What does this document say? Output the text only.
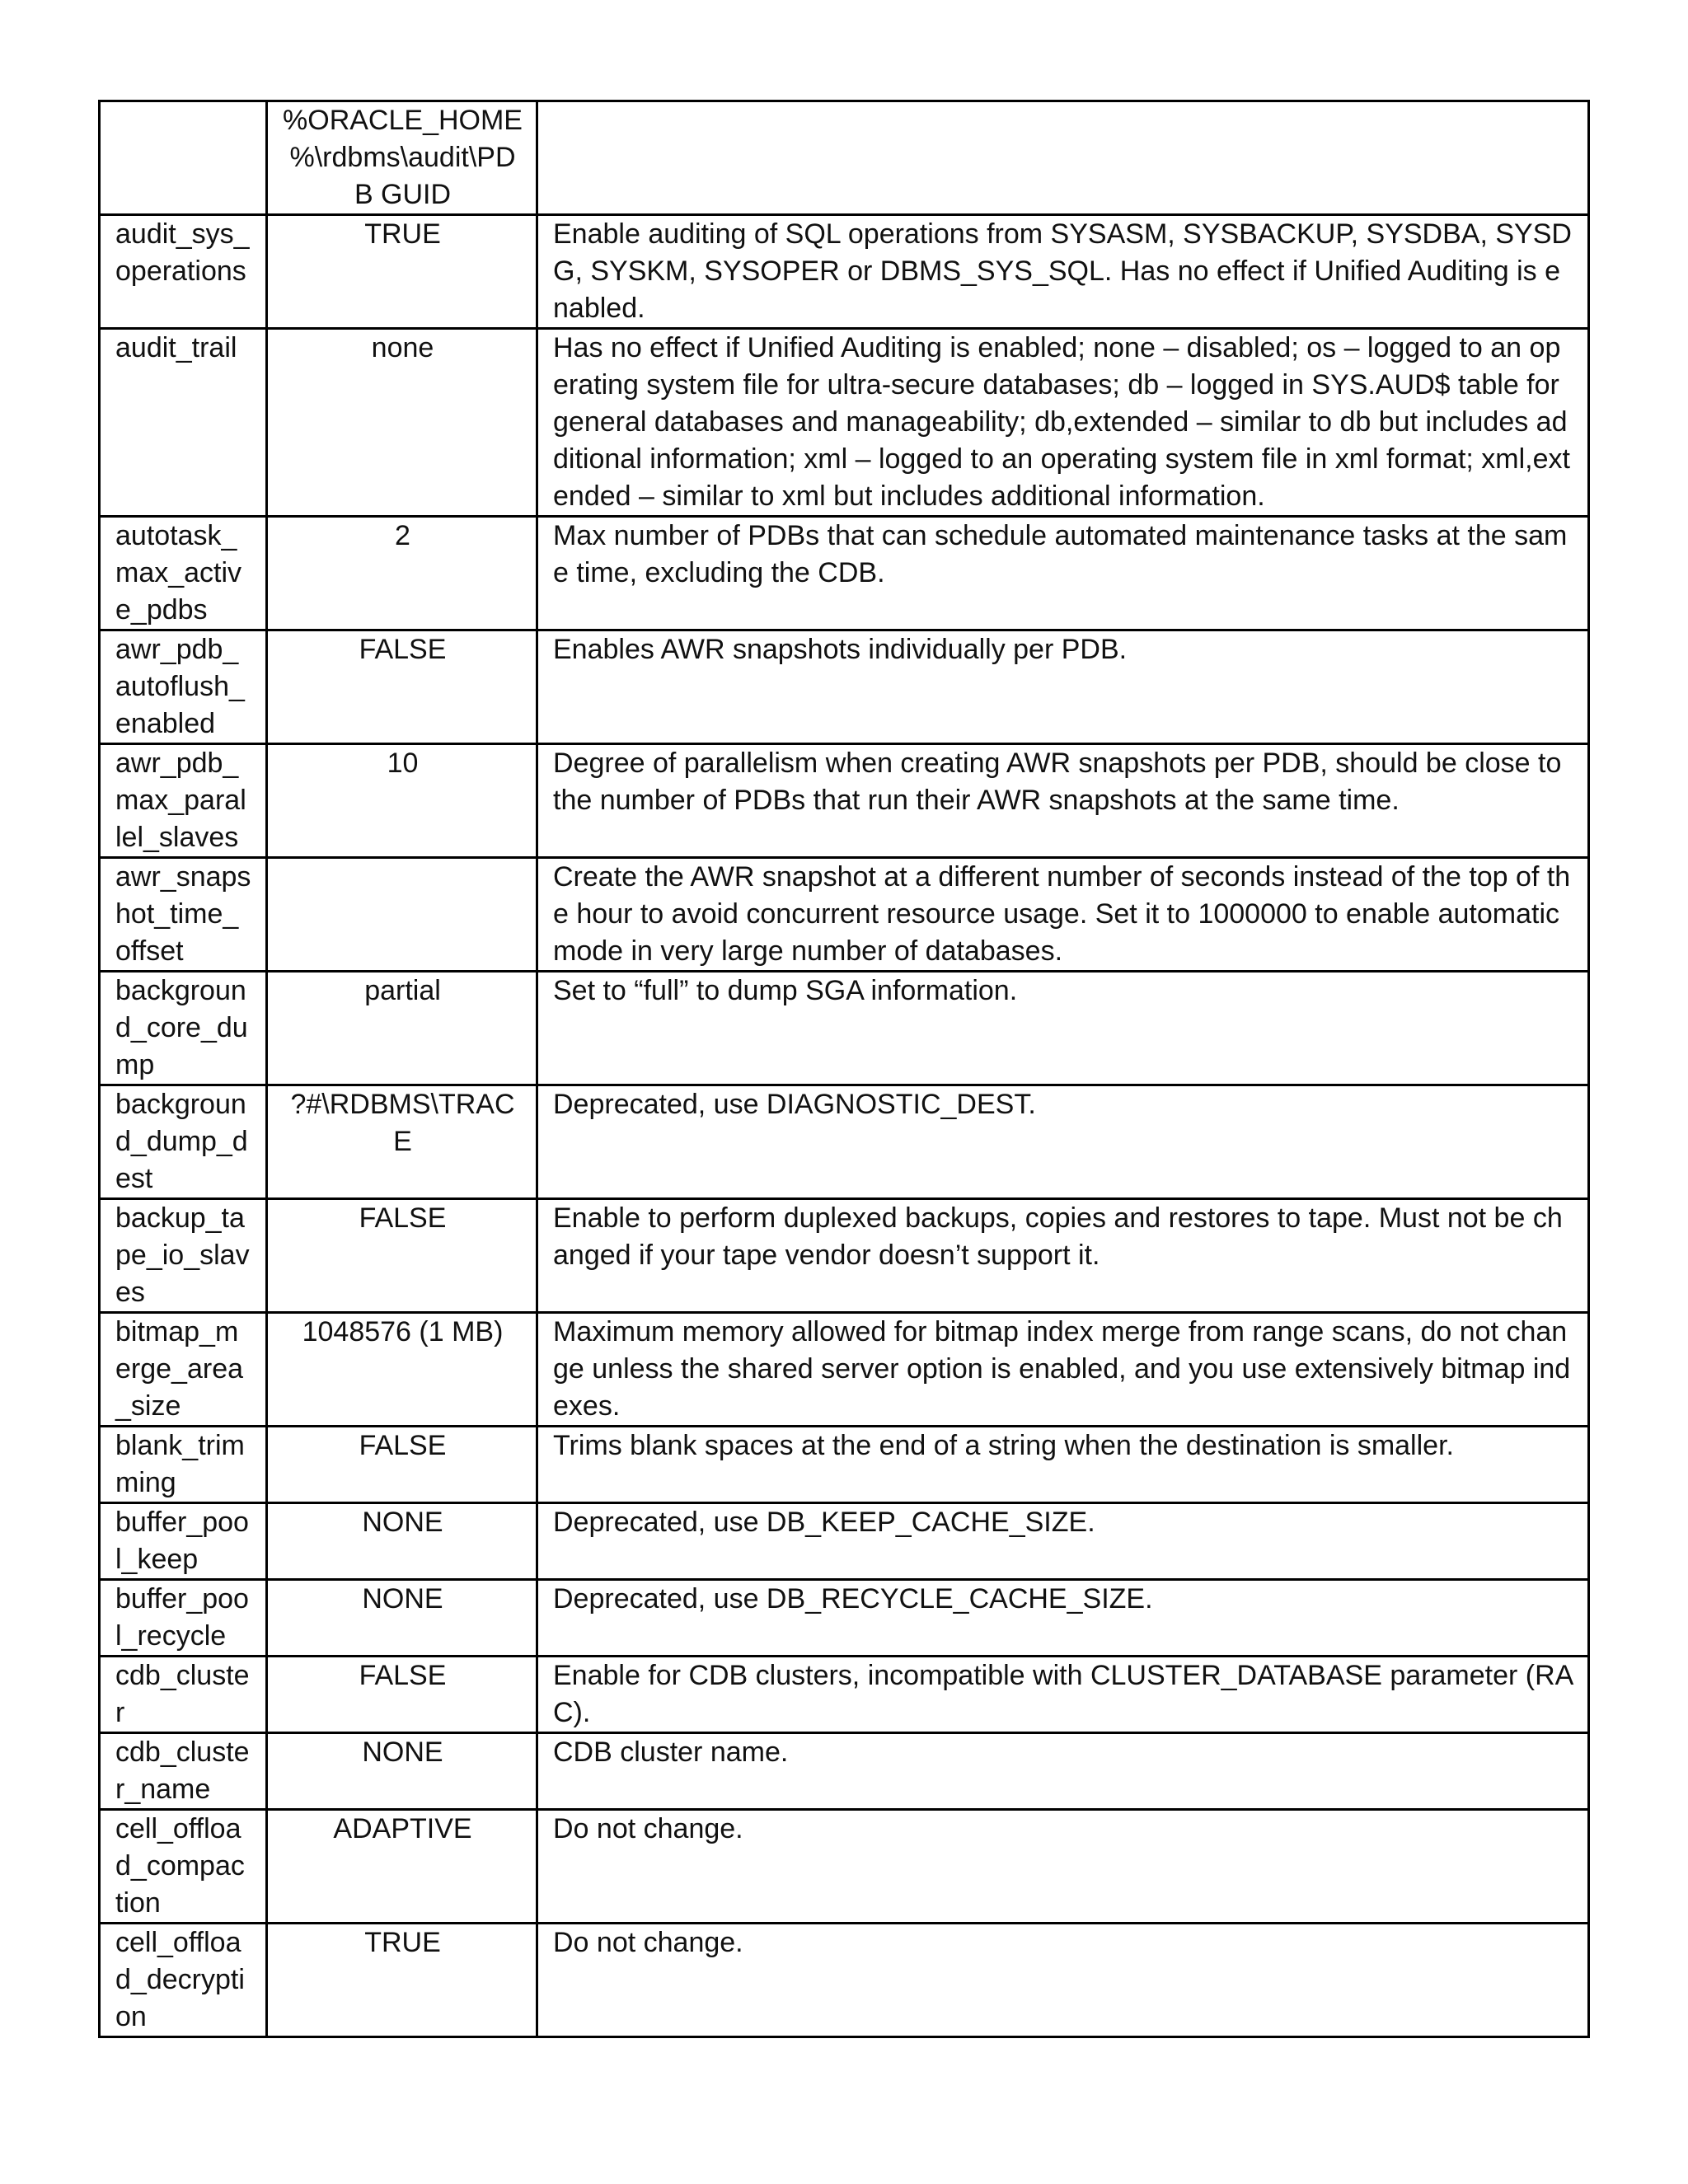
	%ORACLE_HOME%\rdbms\audit\PDB GUID	
audit_sys_operations	TRUE	Enable auditing of SQL operations from SYSASM, SYSBACKUP, SYSDBA, SYSDG, SYSKM, SYSOPER or DBMS_SYS_SQL. Has no effect if Unified Auditing is enabled.
audit_trail	none	Has no effect if Unified Auditing is enabled; none – disabled; os – logged to an operating system file for ultra-secure databases; db – logged in SYS.AUD$ table for general databases and manageability; db,extended – similar to db but includes additional information; xml – logged to an operating system file in xml format; xml,extended – similar to xml but includes additional information.
autotask_max_active_pdbs	2	Max number of PDBs that can schedule automated maintenance tasks at the same time, excluding the CDB.
awr_pdb_autoflush_enabled	FALSE	Enables AWR snapshots individually per PDB.
awr_pdb_max_parallel_slaves	10	Degree of parallelism when creating AWR snapshots per PDB, should be close to the number of PDBs that run their AWR snapshots at the same time.
awr_snapshot_time_offset		Create the AWR snapshot at a different number of seconds instead of the top of the hour to avoid concurrent resource usage. Set it to 1000000 to enable automatic mode in very large number of databases.
background_core_dump	partial	Set to “full” to dump SGA information.
background_dump_dest	?#\RDBMS\TRACE	Deprecated, use DIAGNOSTIC_DEST.
backup_tape_io_slaves	FALSE	Enable to perform duplexed backups, copies and restores to tape. Must not be changed if your tape vendor doesn’t support it.
bitmap_merge_area_size	1048576 (1 MB)	Maximum memory allowed for bitmap index merge from range scans, do not change unless the shared server option is enabled, and you use extensively bitmap indexes.
blank_trimming	FALSE	Trims blank spaces at the end of a string when the destination is smaller.
buffer_pool_keep	NONE	Deprecated, use DB_KEEP_CACHE_SIZE.
buffer_pool_recycle	NONE	Deprecated, use DB_RECYCLE_CACHE_SIZE.
cdb_cluster	FALSE	Enable for CDB clusters, incompatible with CLUSTER_DATABASE parameter (RAC).
cdb_cluster_name	NONE	CDB cluster name.
cell_offload_compaction	ADAPTIVE	Do not change.
cell_offload_decryption	TRUE	Do not change.
